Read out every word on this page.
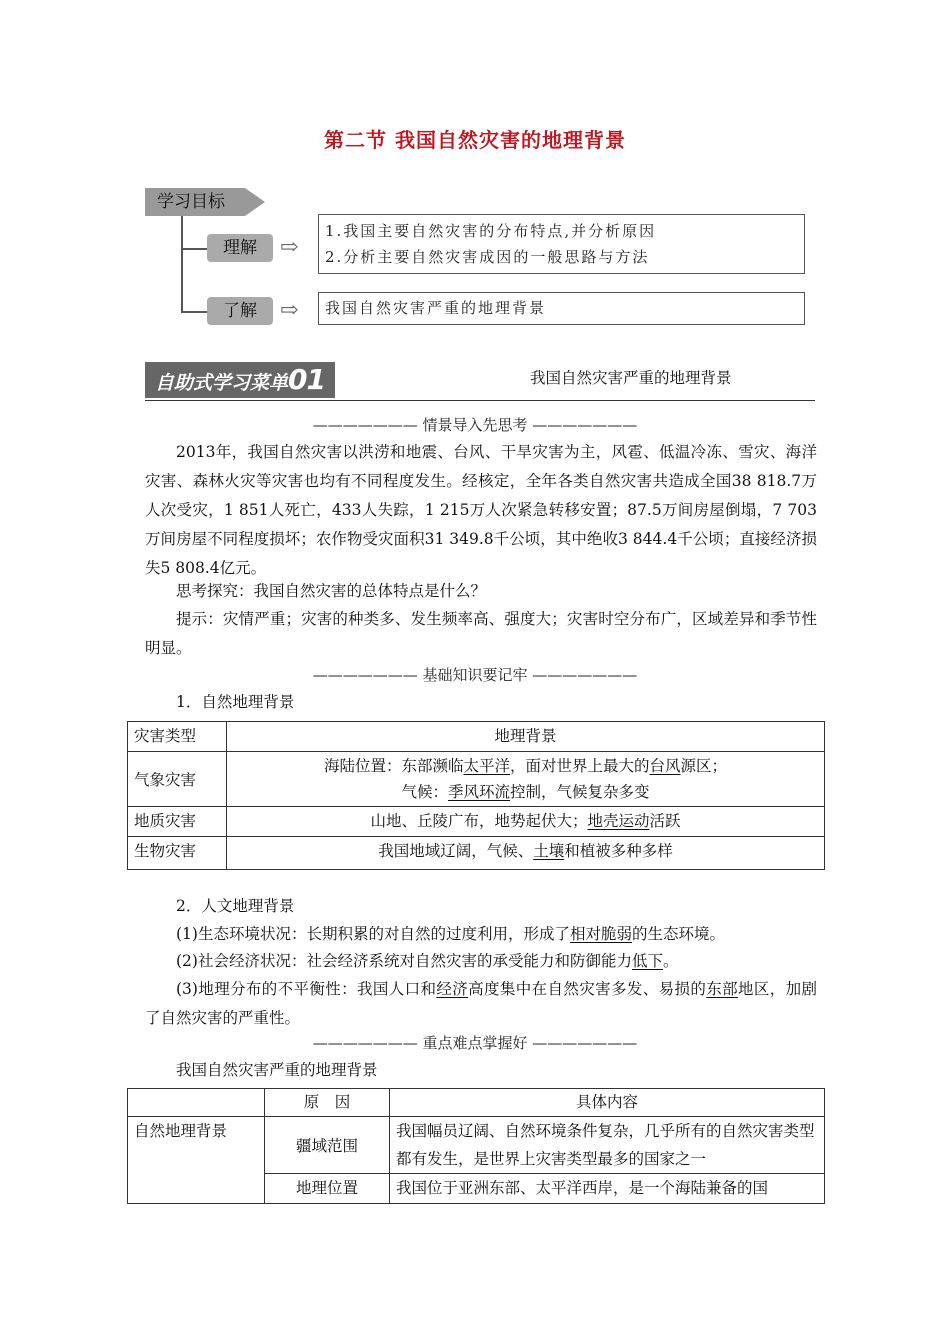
第二节 我国自然灾害的地理背景
学习目标
理解	⇨
1.我国主要自然灾害的分布特点,并分析原因
2.分析主要自然灾害成因的一般思路与方法
了解	⇨ 我国自然灾害严重的地理背景
自助式学习菜单01	我国自然灾害严重的地理背景
——————— 情景导入先思考 ———————
2013年，我国自然灾害以洪涝和地震、台风、干旱灾害为主，风雹、低温冷冻、雪灾、海洋灾害、森林火灾等灾害也均有不同程度发生。经核定，全年各类自然灾害共造成全国38 818.7万人次受灾，1 851人死亡，433人失踪，1 215万人次紧急转移安置；87.5万间房屋倒塌，7 703万间房屋不同程度损坏；农作物受灾面积31 349.8千公顷，其中绝收3 844.4千公顷；直接经济损失5 808.4亿元。
思考探究：我国自然灾害的总体特点是什么？
提示：灾情严重；灾害的种类多、发生频率高、强度大；灾害时空分布广，区域差异和季节性明显。
——————— 基础知识要记牢 ———————
1．自然地理背景
灾害类型	地理背景
气象灾害	海陆位置：东部濒临太平洋，面对世界上最大的台风源区；
气候：季风环流控制，气候复杂多变

地质灾害	山地、丘陵广布，地势起伏大；地壳运动活跃
生物灾害	我国地域辽阔，气候、土壤和植被多种多样
2．人文地理背景
(1)生态环境状况：长期积累的对自然的过度利用，形成了相对脆弱的生态环境。
(2)社会经济状况：社会经济系统对自然灾害的承受能力和防御能力低下。
(3)地理分布的不平衡性：我国人口和经济高度集中在自然灾害多发、易损的东部地区，加剧了自然灾害的严重性。
——————— 重点难点掌握好 ———————
我国自然灾害严重的地理背景
	原　因	具体内容
自然地理背景	疆域范围	我国幅员辽阔、自然环境条件复杂，几乎所有的自然灾害类型都有发生，是世界上灾害类型最多的国家之一
	地理位置	我国位于亚洲东部、太平洋西岸，是一个海陆兼备的国
